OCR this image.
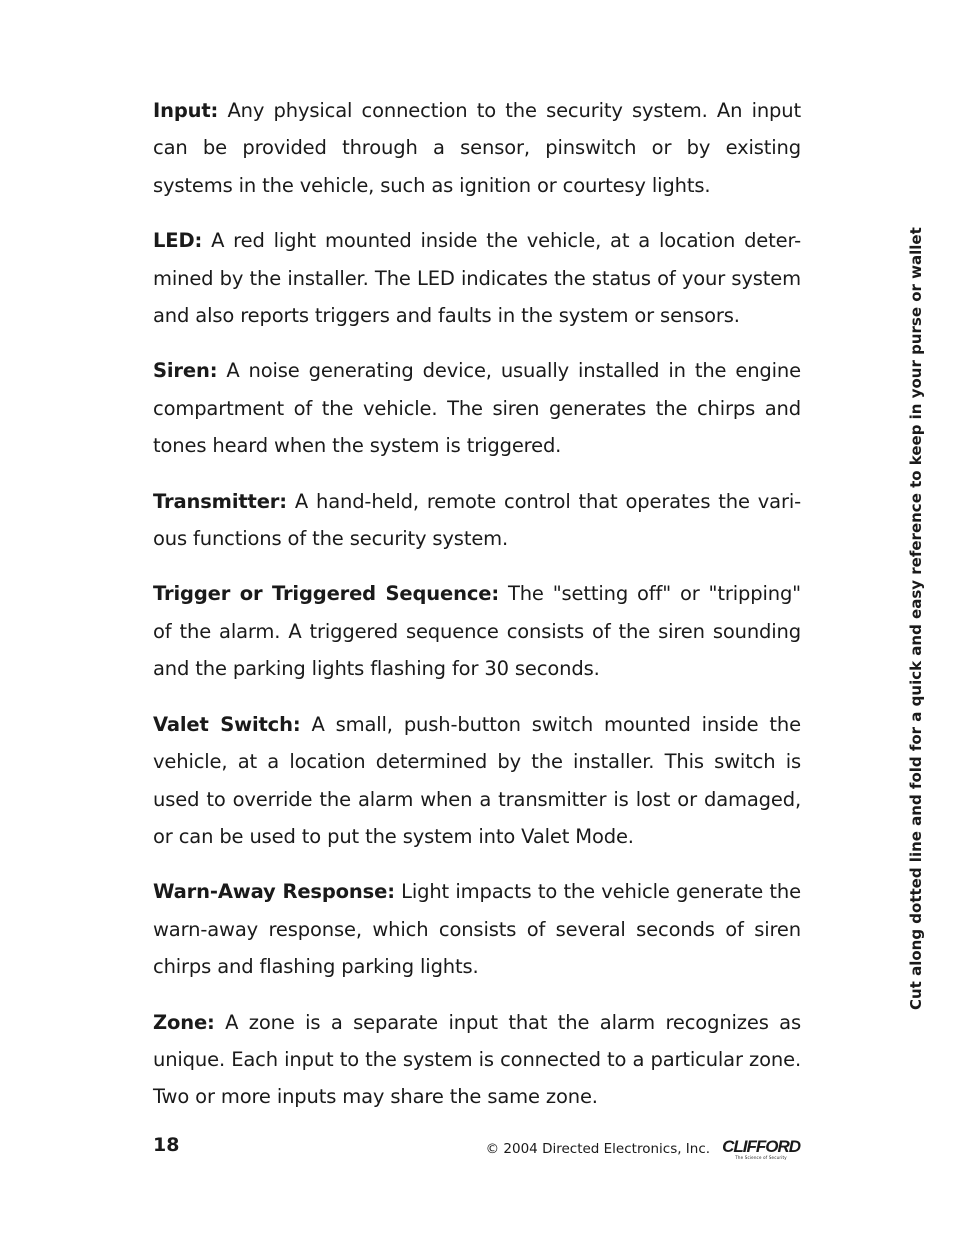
Input: Any physical connection to the security system. An input can be provided through a sensor, pinswitch or by existing systems in the vehicle, such as ignition or courtesy lights.

LED: A red light mounted inside the vehicle, at a location deter-mined by the installer. The LED indicates the status of your system and also reports triggers and faults in the system or sensors.

Siren: A noise generating device, usually installed in the engine compartment of the vehicle. The siren generates the chirps and tones heard when the system is triggered.

Transmitter: A hand-held, remote control that operates the vari-ous functions of the security system.

Trigger or Triggered Sequence: The "setting off" or "tripping" of the alarm. A triggered sequence consists of the siren sounding and the parking lights flashing for 30 seconds.

Valet Switch: A small, push-button switch mounted inside the vehicle, at a location determined by the installer. This switch is used to override the alarm when a transmitter is lost or damaged, or can be used to put the system into Valet Mode.

Warn-Away Response: Light impacts to the vehicle generate the warn-away response, which consists of several seconds of siren chirps and flashing parking lights.

Zone: A zone is a separate input that the alarm recognizes as unique. Each input to the system is connected to a particular zone. Two or more inputs may share the same zone.

Cut along dotted line and fold for a quick and easy reference to keep in your purse or wallet
18	© 2004 Directed Electronics, Inc. CLIFFORD
The Science of Security
